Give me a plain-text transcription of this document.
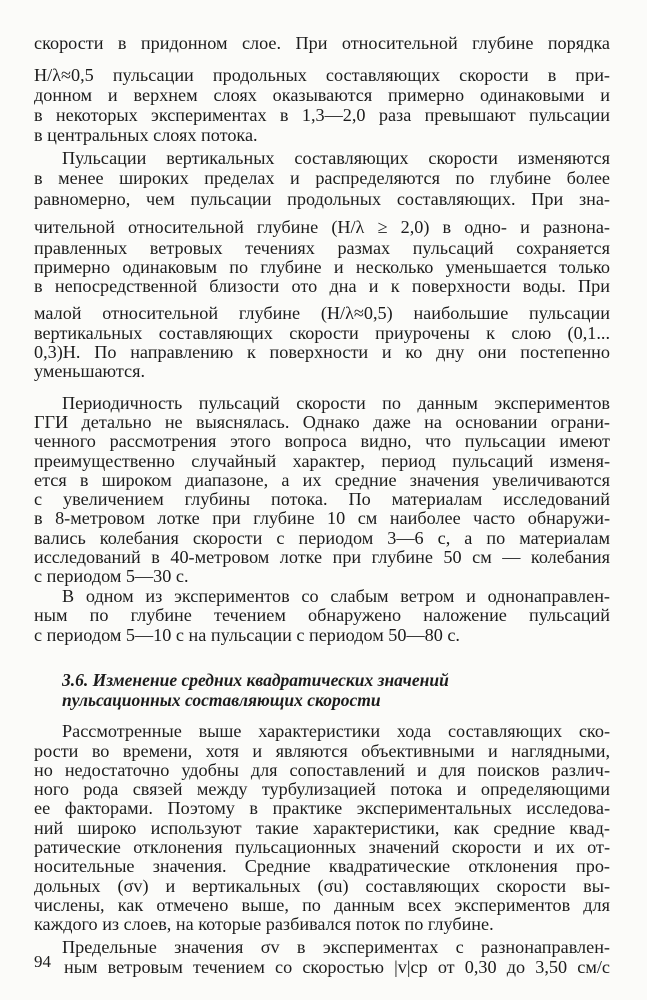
скорости в придонном слое. При относительной глубине порядка
H/λ≈0,5 пульсации продольных составляющих скорости в при-
донном и верхнем слоях оказываются примерно одинаковыми и
в некоторых экспериментах в 1,3—2,0 раза превышают пульсации
в центральных слоях потока.
Пульсации вертикальных составляющих скорости изменяются
в менее широких пределах и распределяются по глубине более
равномерно, чем пульсации продольных составляющих. При зна-
чительной относительной глубине (H/λ ≥ 2,0) в одно- и разнона-
правленных ветровых течениях размах пульсаций сохраняется
примерно одинаковым по глубине и несколько уменьшается только
в непосредственной близости ото дна и к поверхности воды. При
малой относительной глубине (H/λ≈0,5) наибольшие пульсации
вертикальных составляющих скорости приурочены к слою (0,1...
0,3)H. По направлению к поверхности и ко дну они постепенно
уменьшаются.
Периодичность пульсаций скорости по данным экспериментов
ГГИ детально не выяснялась. Однако даже на основании ограни-
ченного рассмотрения этого вопроса видно, что пульсации имеют
преимущественно случайный характер, период пульсаций изменя-
ется в широком диапазоне, а их средние значения увеличиваются
с увеличением глубины потока. По материалам исследований
в 8-метровом лотке при глубине 10 см наиболее часто обнаружи-
вались колебания скорости с периодом 3—6 с, а по материалам
исследований в 40-метровом лотке при глубине 50 см — колебания
с периодом 5—30 с.
В одном из экспериментов со слабым ветром и однонаправлен-
ным по глубине течением обнаружено наложение пульсаций
с периодом 5—10 с на пульсации с периодом 50—80 с.
3.6. Изменение средних квадратических значений
пульсационных составляющих скорости
Рассмотренные выше характеристики хода составляющих ско-
рости во времени, хотя и являются объективными и наглядными,
но недостаточно удобны для сопоставлений и для поисков различ-
ного рода связей между турбулизацией потока и определяющими
ее факторами. Поэтому в практике экспериментальных исследова-
ний широко используют такие характеристики, как средние квад-
ратические отклонения пульсационных значений скорости и их от-
носительные значения. Средние квадратические отклонения про-
дольных (σv) и вертикальных (σu) составляющих скорости вы-
числены, как отмечено выше, по данным всех экспериментов для
каждого из слоев, на которые разбивался поток по глубине.
Предельные значения σv в экспериментах с разнонаправлен-
ным ветровым течением со скоростью |v|ср от 0,30 до 3,50 см/с
94
